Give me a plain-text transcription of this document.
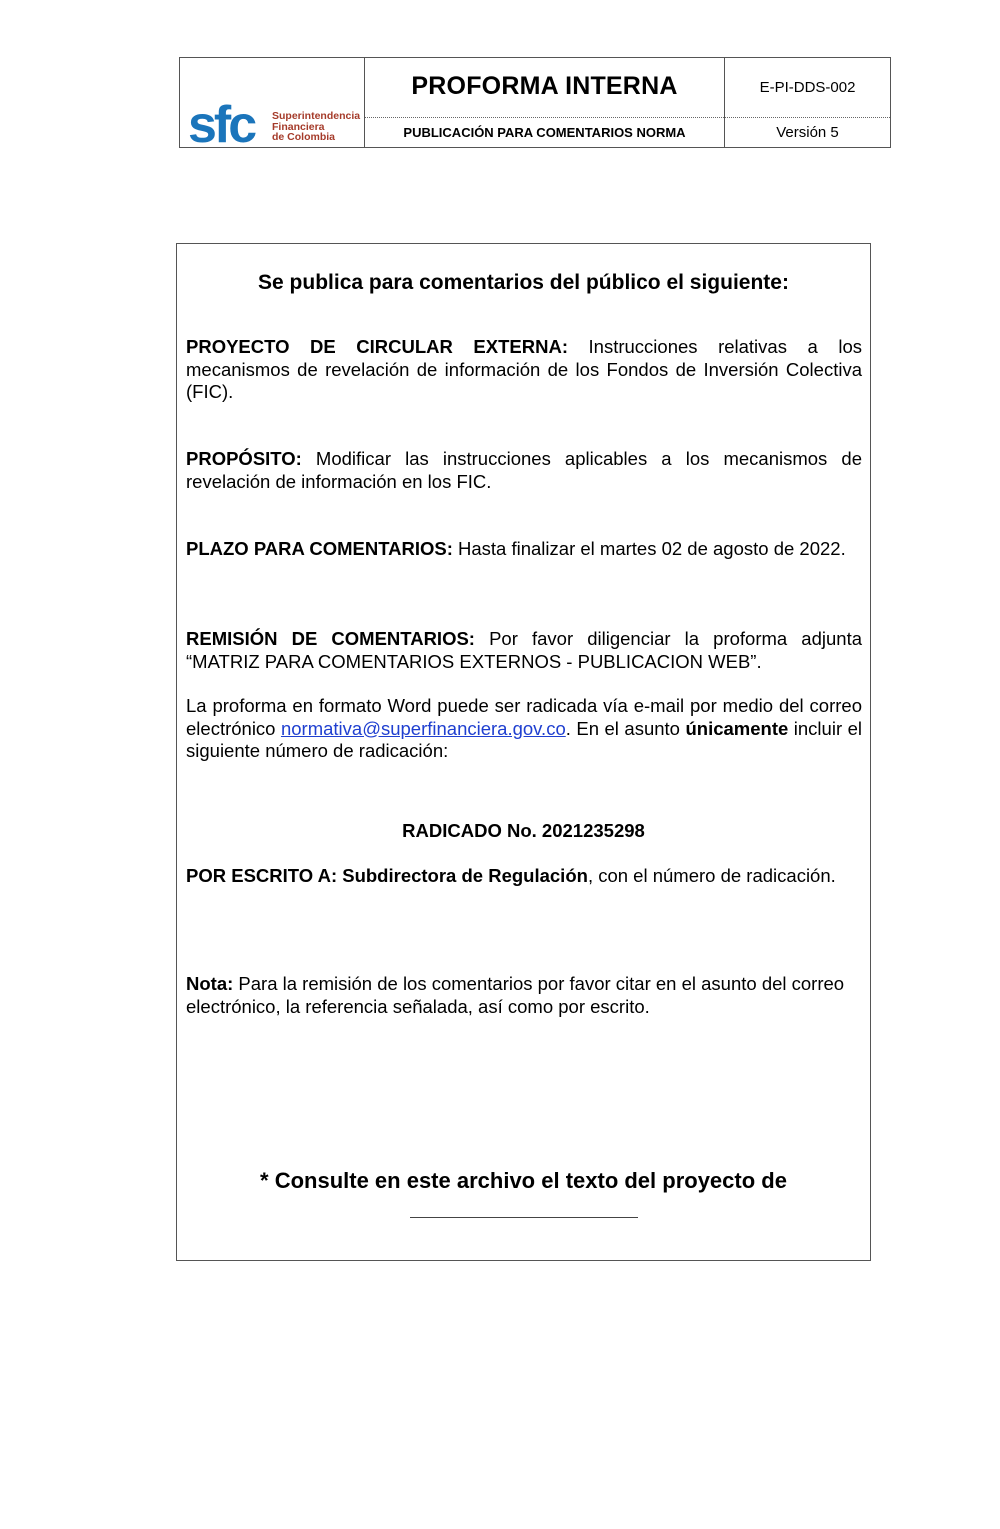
sfc Superintendencia
Financiera
de Colombia
PROFORMA INTERNA
PUBLICACIÓN PARA COMENTARIOS NORMA
E-PI-DDS-002
Versión 5
Se publica para comentarios del público el siguiente:
PROYECTO DE CIRCULAR EXTERNA: Instrucciones relativas a los mecanismos de revelación de información de los Fondos de Inversión Colectiva (FIC).
PROPÓSITO: Modificar las instrucciones aplicables a los mecanismos de revelación de información en los FIC.
PLAZO PARA COMENTARIOS: Hasta finalizar el martes 02 de agosto de 2022.
REMISIÓN DE COMENTARIOS: Por favor diligenciar la proforma adjunta “MATRIZ PARA COMENTARIOS EXTERNOS - PUBLICACION WEB”.
La proforma en formato Word puede ser radicada vía e-mail por medio del correo electrónico normativa@superfinanciera.gov.co. En el asunto únicamente incluir el siguiente número de radicación:
RADICADO No. 2021235298
POR ESCRITO A: Subdirectora de Regulación, con el número de radicación.
Nota: Para la remisión de los comentarios por favor citar en el asunto del correo electrónico, la referencia señalada, así como por escrito.
* Consulte en este archivo el texto del proyecto de
